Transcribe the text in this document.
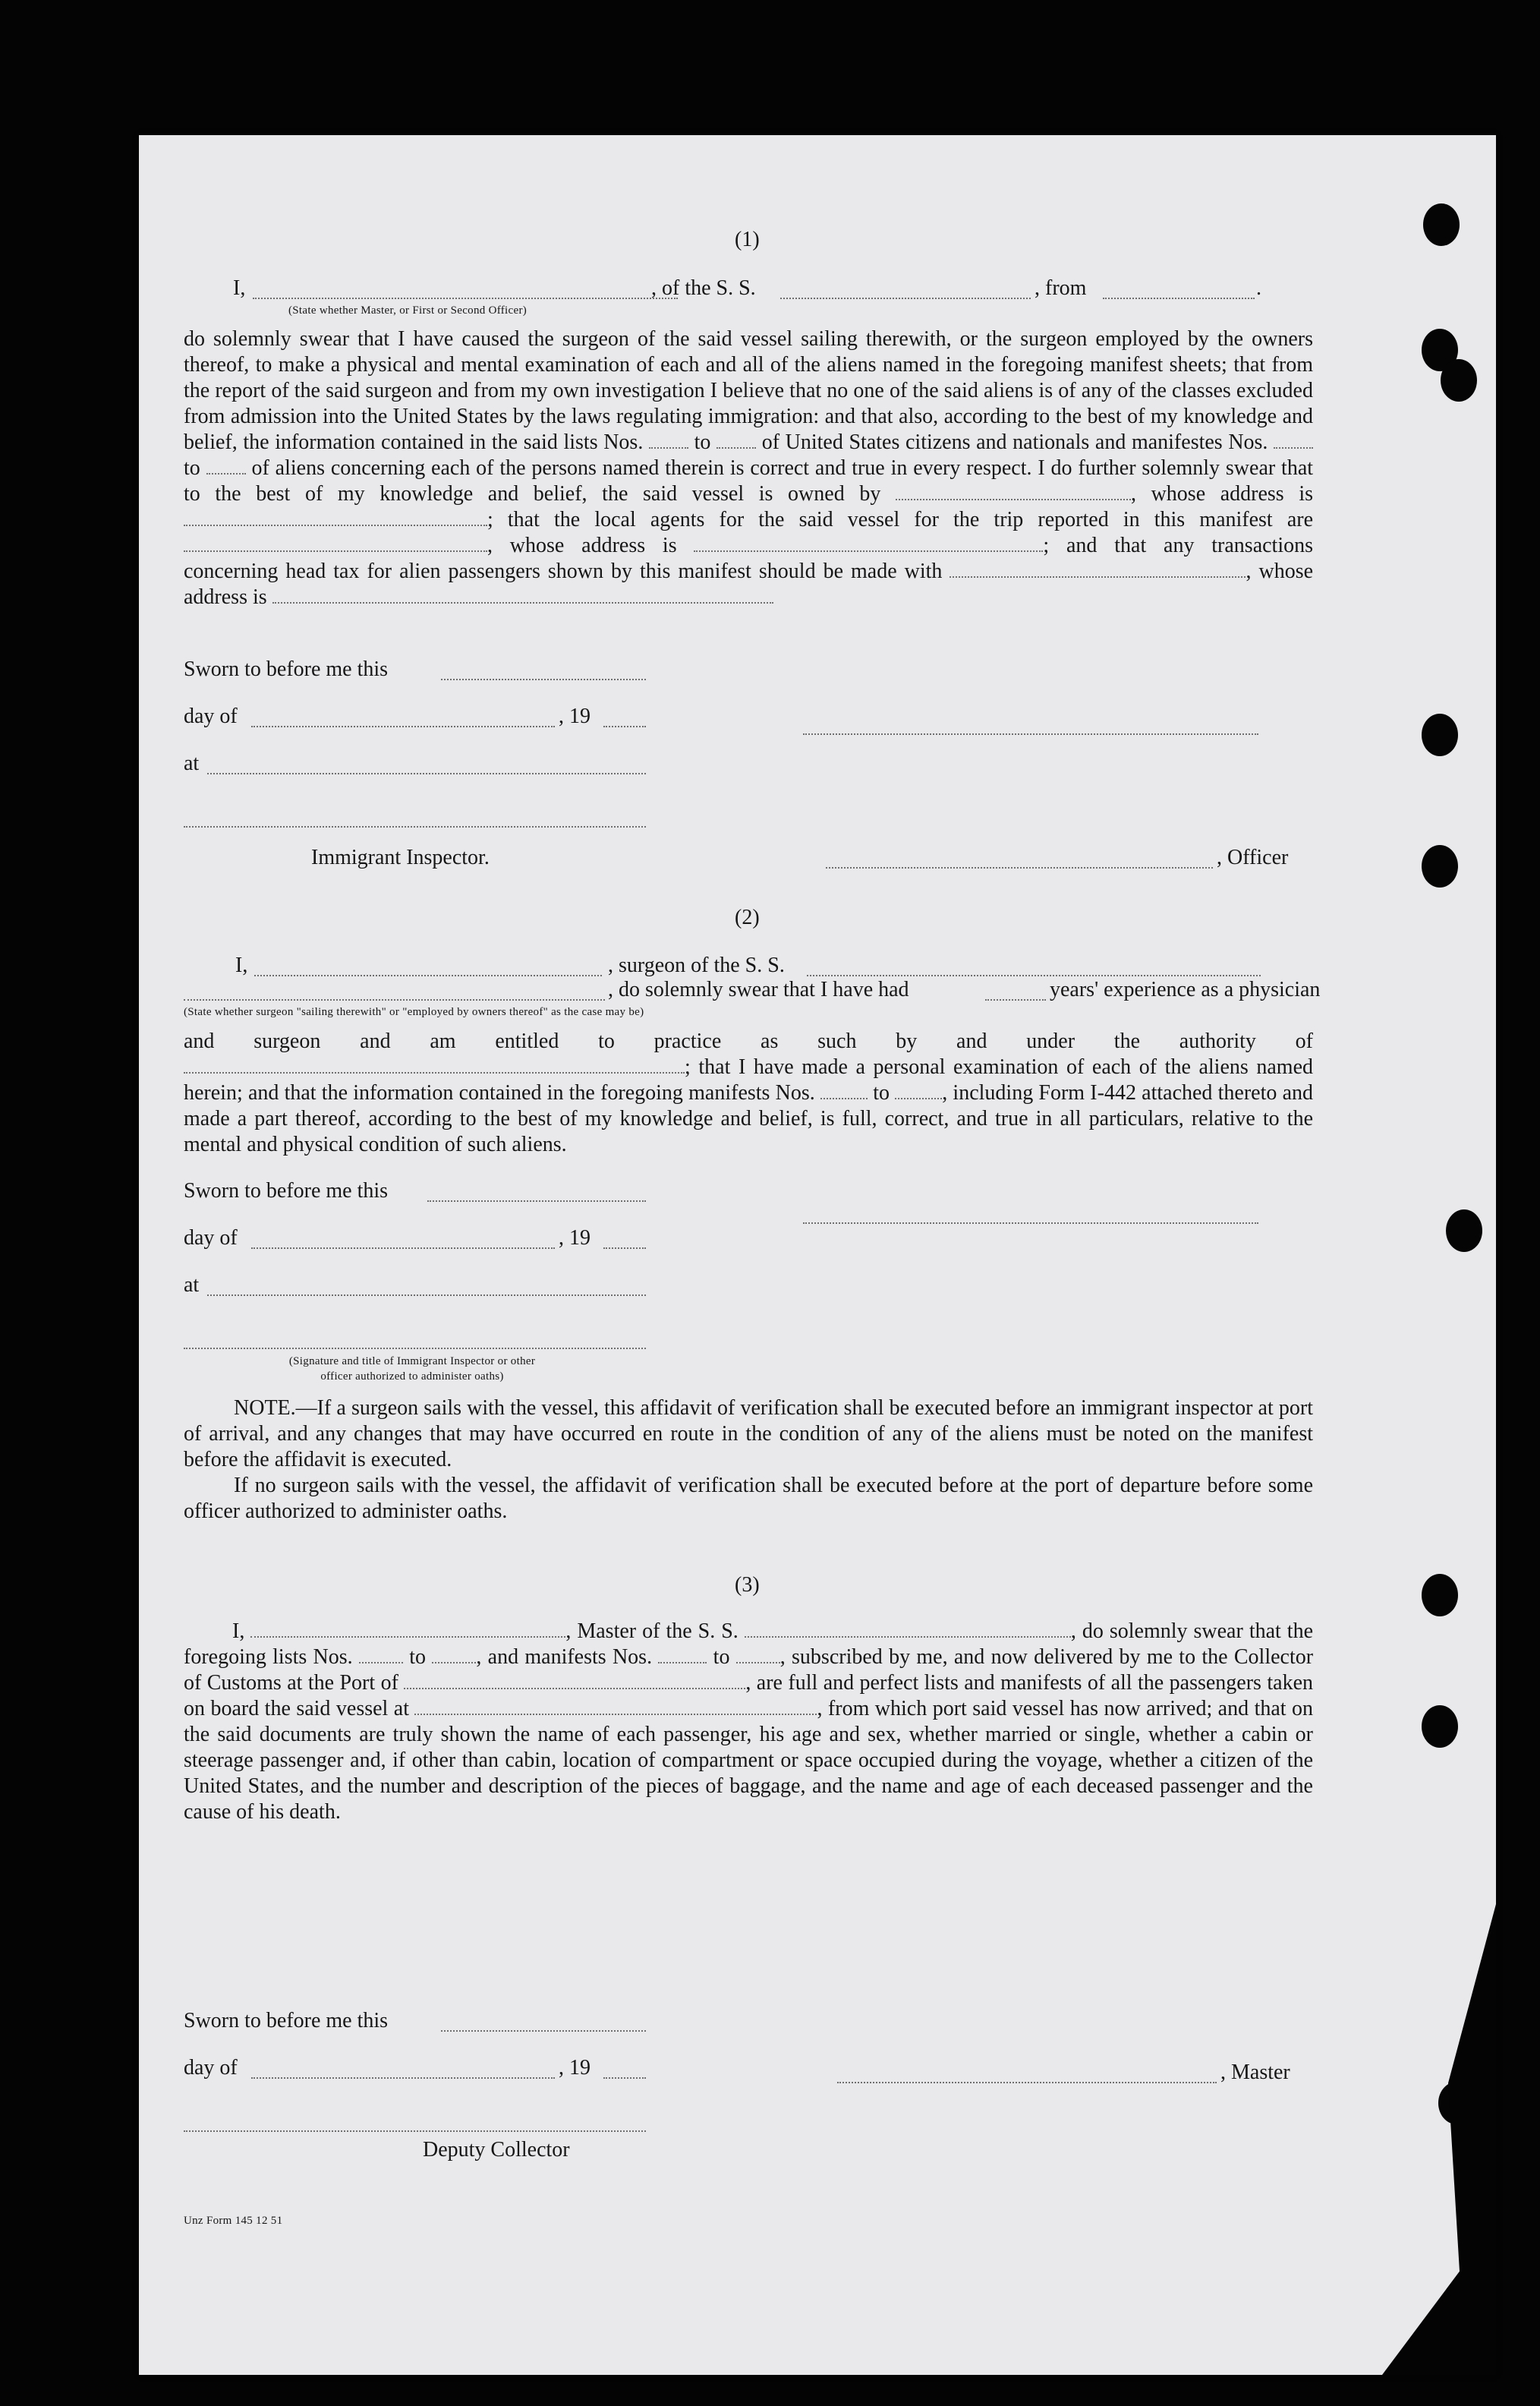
(1)
I,	, of the S. S.	, from	.
(State whether Master, or First or Second Officer)

do solemnly swear that I have caused the surgeon of the said vessel sailing therewith, or the surgeon employed by the owners thereof, to make a physical and mental examination of each and all of the aliens named in the foregoing manifest sheets; that from the report of the said surgeon and from my own investigation I believe that no one of the said aliens is of any of the classes excluded from admission into the United States by the laws regulating immigration: and that also, according to the best of my knowledge and belief, the information contained in the said lists Nos. to of United States citizens and nationals and manifestes Nos.  to of aliens concerning each of the persons named therein is correct and true in every respect. I do further solemnly swear that to the best of my knowledge and belief, the said vessel is owned by	, whose address is ; that the local agents for the said vessel for the trip reported in this manifest are , whose address is	; and that any transactions concerning head tax for alien passengers shown by this manifest should be made with	, whose address is

Sworn to before me this
day of	, 19
at
Immigrant Inspector.	, Officer
(2)
I,	, surgeon of the S. S.
, do solemnly swear that I have had	years' experience as a physician
(State whether surgeon "sailing therewith" or "employed by owners thereof" as the case may be)

and surgeon and am entitled to practice as such by and under the authority of ; that I have made a personal examination of each of the aliens named herein; and that the information contained in the foregoing manifests Nos.	to , including Form I-442 attached thereto and made a part thereof, according to the best of my knowledge and belief, is full, correct, and true in all particulars, relative to the mental and physical condition of such aliens.

Sworn to before me this
day of	, 19
at
(Signature and title of Immigrant Inspector or other
officer authorized to administer oaths)

NOTE.—If a surgeon sails with the vessel, this affidavit of verification shall be executed before an immigrant inspector at port of arrival, and any changes that may have occurred en route in the condition of any of the aliens must be noted on the manifest before the affidavit is executed.

If no surgeon sails with the vessel, the affidavit of verification shall be executed before at the port of departure before some officer authorized to administer oaths.

(3)

I,	, Master of the S. S.	, do solemnly swear that the foregoing lists Nos.	to , and manifests Nos.	to , subscribed by me, and now delivered by me to the Collector of Customs at the Port of	, are full and perfect lists and manifests of all the passengers taken on board the said vessel at	, from which port said vessel has now arrived; and that on the said documents are truly shown the name of each passenger, his age and sex, whether married or single, whether a cabin or steerage passenger and, if other than cabin, location of compartment or space occupied during the voyage, whether a citizen of the United States, and the number and description of the pieces of baggage, and the name and age of each deceased passenger and the cause of his death.

Sworn to before me this
day of	, 19	, Master
Deputy Collector
Unz Form 145 12 51
